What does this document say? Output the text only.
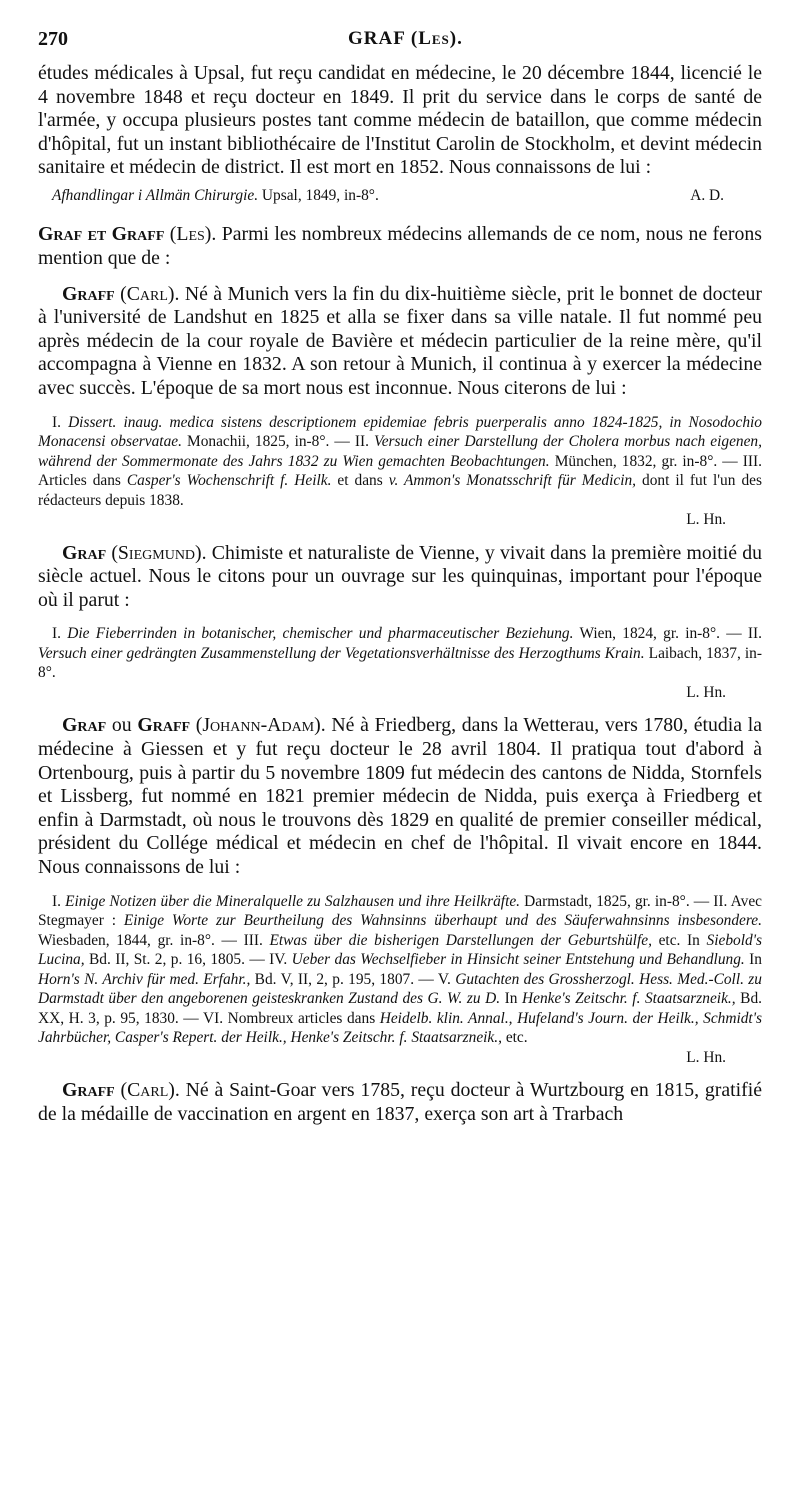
270	GRAF (Les).

études médicales à Upsal, fut reçu candidat en médecine, le 20 décembre 1844, licencié le 4 novembre 1848 et reçu docteur en 1849. Il prit du service dans le corps de santé de l'armée, y occupa plusieurs postes tant comme médecin de bataillon, que comme médecin d'hôpital, fut un instant bibliothécaire de l'Institut Carolin de Stockholm, et devint médecin sanitaire et médecin de district. Il est mort en 1852. Nous connaissons de lui :

A. D.
Afhandlingar i Allmän Chirurgie. Upsal, 1849, in-8°.

Graf et Graff (Les). Parmi les nombreux médecins allemands de ce nom, nous ne ferons mention que de :

Graff (Carl). Né à Munich vers la fin du dix-huitième siècle, prit le bonnet de docteur à l'université de Landshut en 1825 et alla se fixer dans sa ville natale. Il fut nommé peu après médecin de la cour royale de Bavière et médecin particulier de la reine mère, qu'il accompagna à Vienne en 1832. A son retour à Munich, il continua à y exercer la médecine avec succès. L'époque de sa mort nous est inconnue. Nous citerons de lui :

I. Dissert. inaug. medica sistens descriptionem epidemiae febris puerperalis anno 1824-1825, in Nosodochio Monacensi observatae. Monachii, 1825, in-8°. — II. Versuch einer Darstellung der Cholera morbus nach eigenen, während der Sommermonate des Jahrs 1832 zu Wien gemachten Beobachtungen. München, 1832, gr. in-8°. — III. Articles dans Casper's Wochenschrift f. Heilk. et dans v. Ammon's Monatsschrift für Medicin, dont il fut l'un des rédacteurs depuis 1838.

L. Hn.

Graf (Siegmund). Chimiste et naturaliste de Vienne, y vivait dans la première moitié du siècle actuel. Nous le citons pour un ouvrage sur les quinquinas, important pour l'époque où il parut :

I. Die Fieberrinden in botanischer, chemischer und pharmaceutischer Beziehung. Wien, 1824, gr. in-8°. — II. Versuch einer gedrängten Zusammenstellung der Vegetationsverhältnisse des Herzogthums Krain. Laibach, 1837, in-8°.

L. Hn.

Graf ou Graff (Johann-Adam). Né à Friedberg, dans la Wetterau, vers 1780, étudia la médecine à Giessen et y fut reçu docteur le 28 avril 1804. Il pratiqua tout d'abord à Ortenbourg, puis à partir du 5 novembre 1809 fut médecin des cantons de Nidda, Stornfels et Lissberg, fut nommé en 1821 premier médecin de Nidda, puis exerça à Friedberg et enfin à Darmstadt, où nous le trouvons dès 1829 en qualité de premier conseiller médical, président du Collége médical et médecin en chef de l'hôpital. Il vivait encore en 1844. Nous connaissons de lui :

I. Einige Notizen über die Mineralquelle zu Salzhausen und ihre Heilkräfte. Darmstadt, 1825, gr. in-8°. — II. Avec Stegmayer : Einige Worte zur Beurtheilung des Wahnsinns überhaupt und des Säuferwahnsinns insbesondere. Wiesbaden, 1844, gr. in-8°. — III. Etwas über die bisherigen Darstellungen der Geburtshülfe, etc. In Siebold's Lucina, Bd. II, St. 2, p. 16, 1805. — IV. Ueber das Wechselfieber in Hinsicht seiner Entstehung und Behandlung. In Horn's N. Archiv für med. Erfahr., Bd. V, II, 2, p. 195, 1807. — V. Gutachten des Grossherzogl. Hess. Med.-Coll. zu Darmstadt über den angeborenen geisteskranken Zustand des G. W. zu D. In Henke's Zeitschr. f. Staatsarzneik., Bd. XX, H. 3, p. 95, 1830. — VI. Nombreux articles dans Heidelb. klin. Annal., Hufeland's Journ. der Heilk., Schmidt's Jahrbücher, Casper's Repert. der Heilk., Henke's Zeitschr. f. Staatsarzneik., etc.

L. Hn.

Graff (Carl). Né à Saint-Goar vers 1785, reçu docteur à Wurtzbourg en 1815, gratifié de la médaille de vaccination en argent en 1837, exerça son art à Trarbach
